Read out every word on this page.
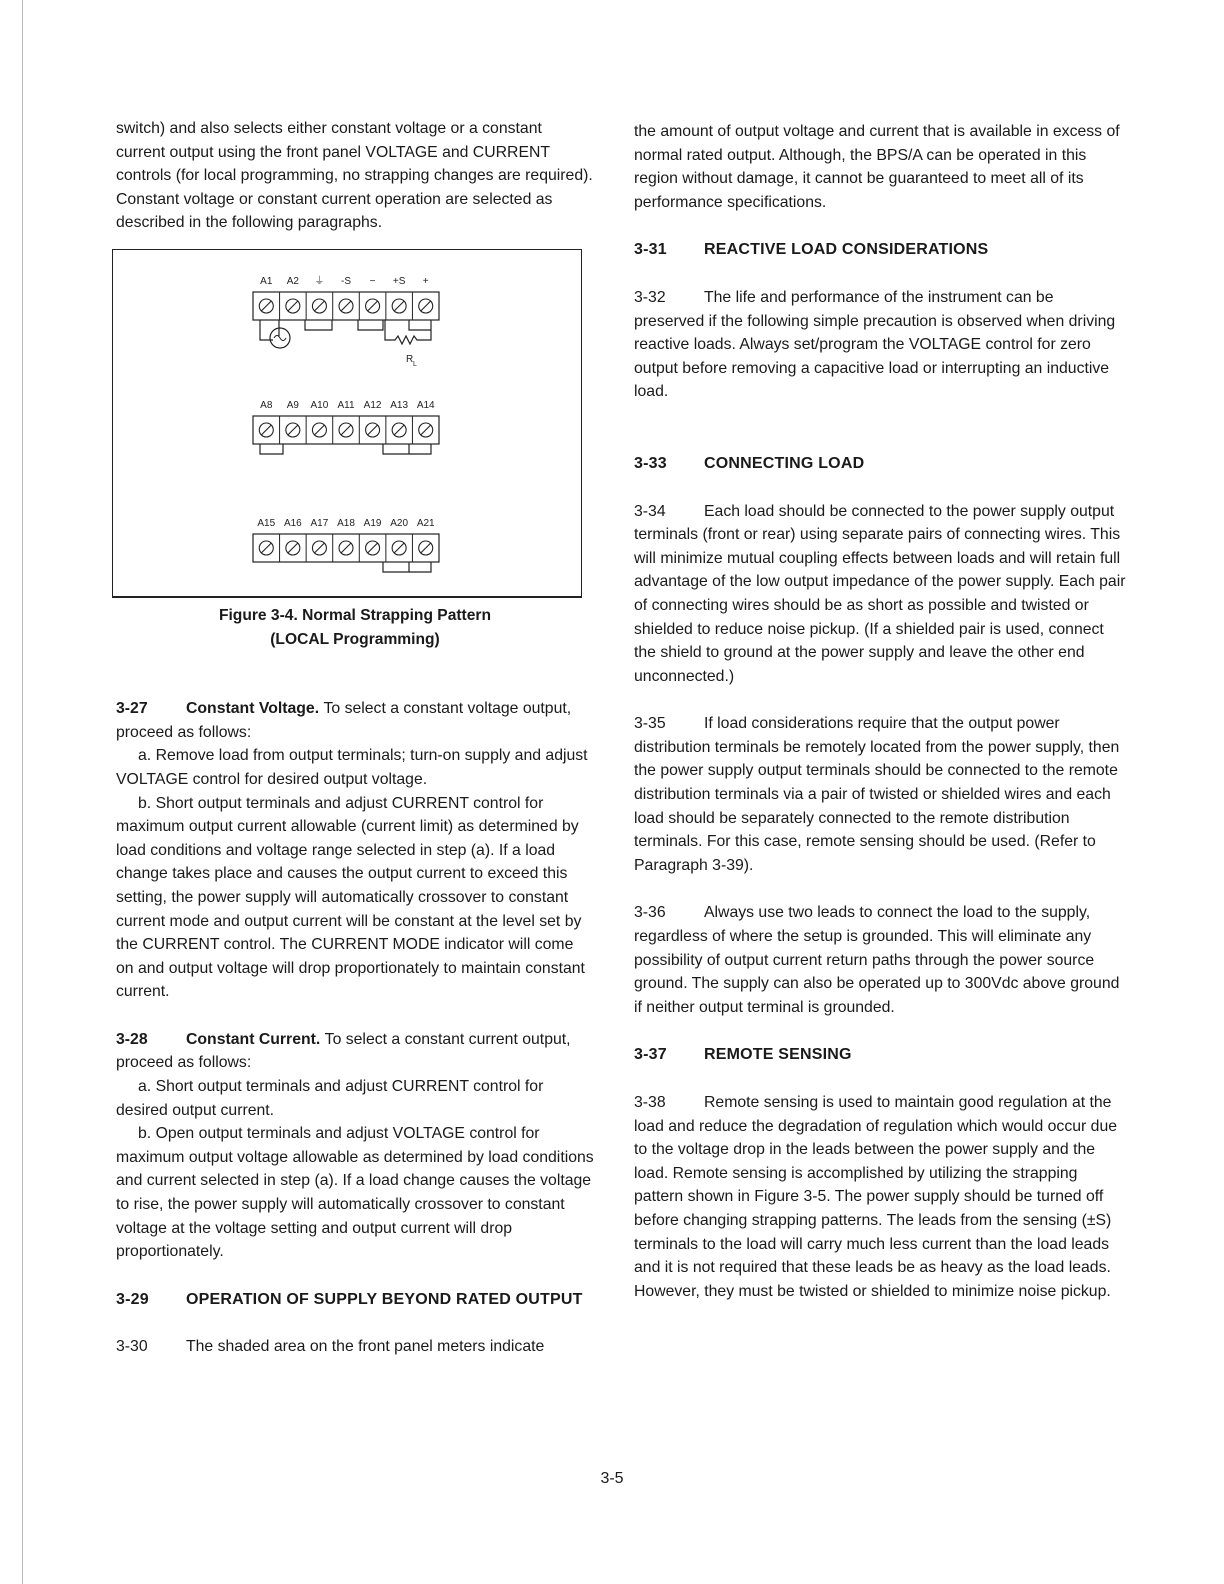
switch) and also selects either constant voltage or a constant current output using the front panel VOLTAGE and CURRENT controls (for local programming, no strapping changes are required). Constant voltage or constant current operation are selected as described in the following paragraphs.

A1 A2 ⏚ -S − +S +
R L
A8 A9 A10 A11 A12 A13 A14
A15 A16 A17 A18 A19 A20 A21
Figure 3-4. Normal Strapping Pattern
(LOCAL Programming)

3-27 Constant Voltage. To select a constant voltage output, proceed as follows:

a. Remove load from output terminals; turn-on supply and adjust VOLTAGE control for desired output voltage.

b. Short output terminals and adjust CURRENT control for maximum output current allowable (current limit) as determined by load conditions and voltage range selected in step (a). If a load change takes place and causes the output current to exceed this setting, the power supply will automatically crossover to constant current mode and output current will be constant at the level set by the CURRENT control. The CURRENT MODE indicator will come on and output voltage will drop proportionately to maintain constant current.

3-28 Constant Current. To select a constant current output, proceed as follows:

a. Short output terminals and adjust CURRENT control for desired output current.

b. Open output terminals and adjust VOLTAGE control for maximum output voltage allowable as determined by load conditions and current selected in step (a). If a load change causes the voltage to rise, the power supply will automatically crossover to constant voltage at the voltage setting and output current will drop proportionately.

3-29	OPERATION OF SUPPLY BEYOND RATED OUTPUT

3-30 The shaded area on the front panel meters indicate

the amount of output voltage and current that is available in excess of normal rated output. Although, the BPS/A can be operated in this region without damage, it cannot be guaranteed to meet all of its performance specifications.

3-31	REACTIVE LOAD CONSIDERATIONS

3-32 The life and performance of the instrument can be preserved if the following simple precaution is observed when driving reactive loads. Always set/program the VOLTAGE control for zero output before removing a capacitive load or interrupting an inductive load.

3-33	CONNECTING LOAD

3-34 Each load should be connected to the power supply output terminals (front or rear) using separate pairs of connecting wires. This will minimize mutual coupling effects between loads and will retain full advantage of the low output impedance of the power supply. Each pair of connecting wires should be as short as possible and twisted or shielded to reduce noise pickup. (If a shielded pair is used, connect the shield to ground at the power supply and leave the other end unconnected.)

3-35 If load considerations require that the output power distribution terminals be remotely located from the power supply, then the power supply output terminals should be connected to the remote distribution terminals via a pair of twisted or shielded wires and each load should be separately connected to the remote distribution terminals. For this case, remote sensing should be used. (Refer to Paragraph 3-39).

3-36 Always use two leads to connect the load to the supply, regardless of where the setup is grounded. This will eliminate any possibility of output current return paths through the power source ground. The supply can also be operated up to 300Vdc above ground if neither output terminal is grounded.

3-37	REMOTE SENSING

3-38 Remote sensing is used to maintain good regulation at the load and reduce the degradation of regulation which would occur due to the voltage drop in the leads between the power supply and the load. Remote sensing is accomplished by utilizing the strapping pattern shown in Figure 3-5. The power supply should be turned off before changing strapping patterns. The leads from the sensing (±S) terminals to the load will carry much less current than the load leads and it is not required that these leads be as heavy as the load leads. However, they must be twisted or shielded to minimize noise pickup.

3-5
